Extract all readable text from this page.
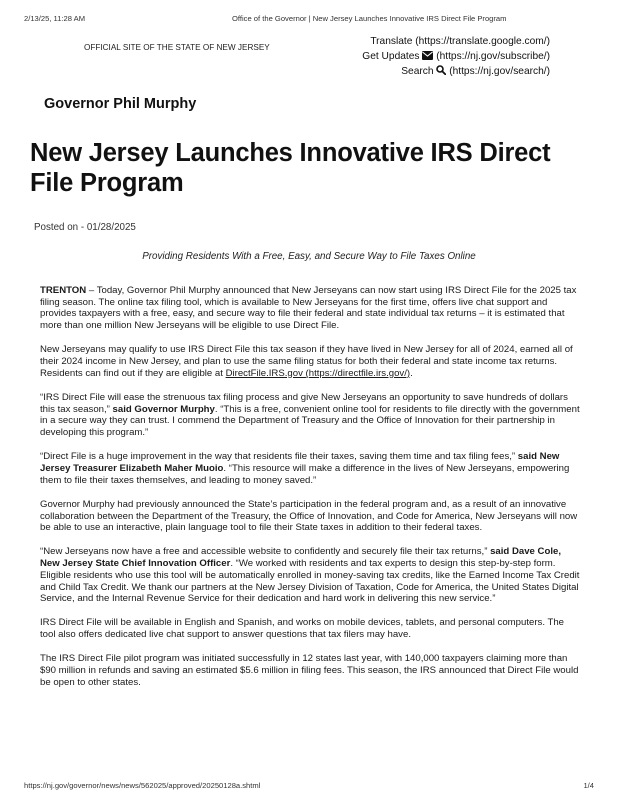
2/13/25, 11:28 AM	Office of the Governor | New Jersey Launches Innovative IRS Direct File Program
OFFICIAL SITE OF THE STATE OF NEW JERSEY
Translate (https://translate.google.com/)
Get Updates (https://nj.gov/subscribe/)
Search (https://nj.gov/search/)
Governor Phil Murphy
New Jersey Launches Innovative IRS Direct File Program
Posted on - 01/28/2025
Providing Residents With a Free, Easy, and Secure Way to File Taxes Online

TRENTON – Today, Governor Phil Murphy announced that New Jerseyans can now start using IRS Direct File for the 2025 tax filing season. The online tax filing tool, which is available to New Jerseyans for the first time, offers live chat support and provides taxpayers with a free, easy, and secure way to file their federal and state individual tax returns – it is estimated that more than one million New Jerseyans will be eligible to use Direct File.

New Jerseyans may qualify to use IRS Direct File this tax season if they have lived in New Jersey for all of 2024, earned all of their 2024 income in New Jersey, and plan to use the same filing status for both their federal and state income tax returns. Residents can find out if they are eligible at DirectFile.IRS.gov (https://directfile.irs.gov/).

“IRS Direct File will ease the strenuous tax filing process and give New Jerseyans an opportunity to save hundreds of dollars this tax season,” said Governor Murphy. “This is a free, convenient online tool for residents to file directly with the government in a secure way they can trust. I commend the Department of Treasury and the Office of Innovation for their partnership in developing this program.”

“Direct File is a huge improvement in the way that residents file their taxes, saving them time and tax filing fees,” said New Jersey Treasurer Elizabeth Maher Muoio. “This resource will make a difference in the lives of New Jerseyans, empowering them to file their taxes themselves, and leading to money saved.”

Governor Murphy had previously announced the State’s participation in the federal program and, as a result of an innovative collaboration between the Department of the Treasury, the Office of Innovation, and Code for America, New Jerseyans will now be able to use an interactive, plain language tool to file their State taxes in addition to their federal taxes.

“New Jerseyans now have a free and accessible website to confidently and securely file their tax returns,” said Dave Cole, New Jersey State Chief Innovation Officer. “We worked with residents and tax experts to design this step-by-step form. Eligible residents who use this tool will be automatically enrolled in money-saving tax credits, like the Earned Income Tax Credit and Child Tax Credit. We thank our partners at the New Jersey Division of Taxation, Code for America, the United States Digital Service, and the Internal Revenue Service for their dedication and hard work in delivering this new service.”

IRS Direct File will be available in English and Spanish, and works on mobile devices, tablets, and personal computers. The tool also offers dedicated live chat support to answer questions that tax filers may have.

The IRS Direct File pilot program was initiated successfully in 12 states last year, with 140,000 taxpayers claiming more than $90 million in refunds and saving an estimated $5.6 million in filing fees. This season, the IRS announced that Direct File would be open to other states.

https://nj.gov/governor/news/news/562025/approved/20250128a.shtml	1/4
